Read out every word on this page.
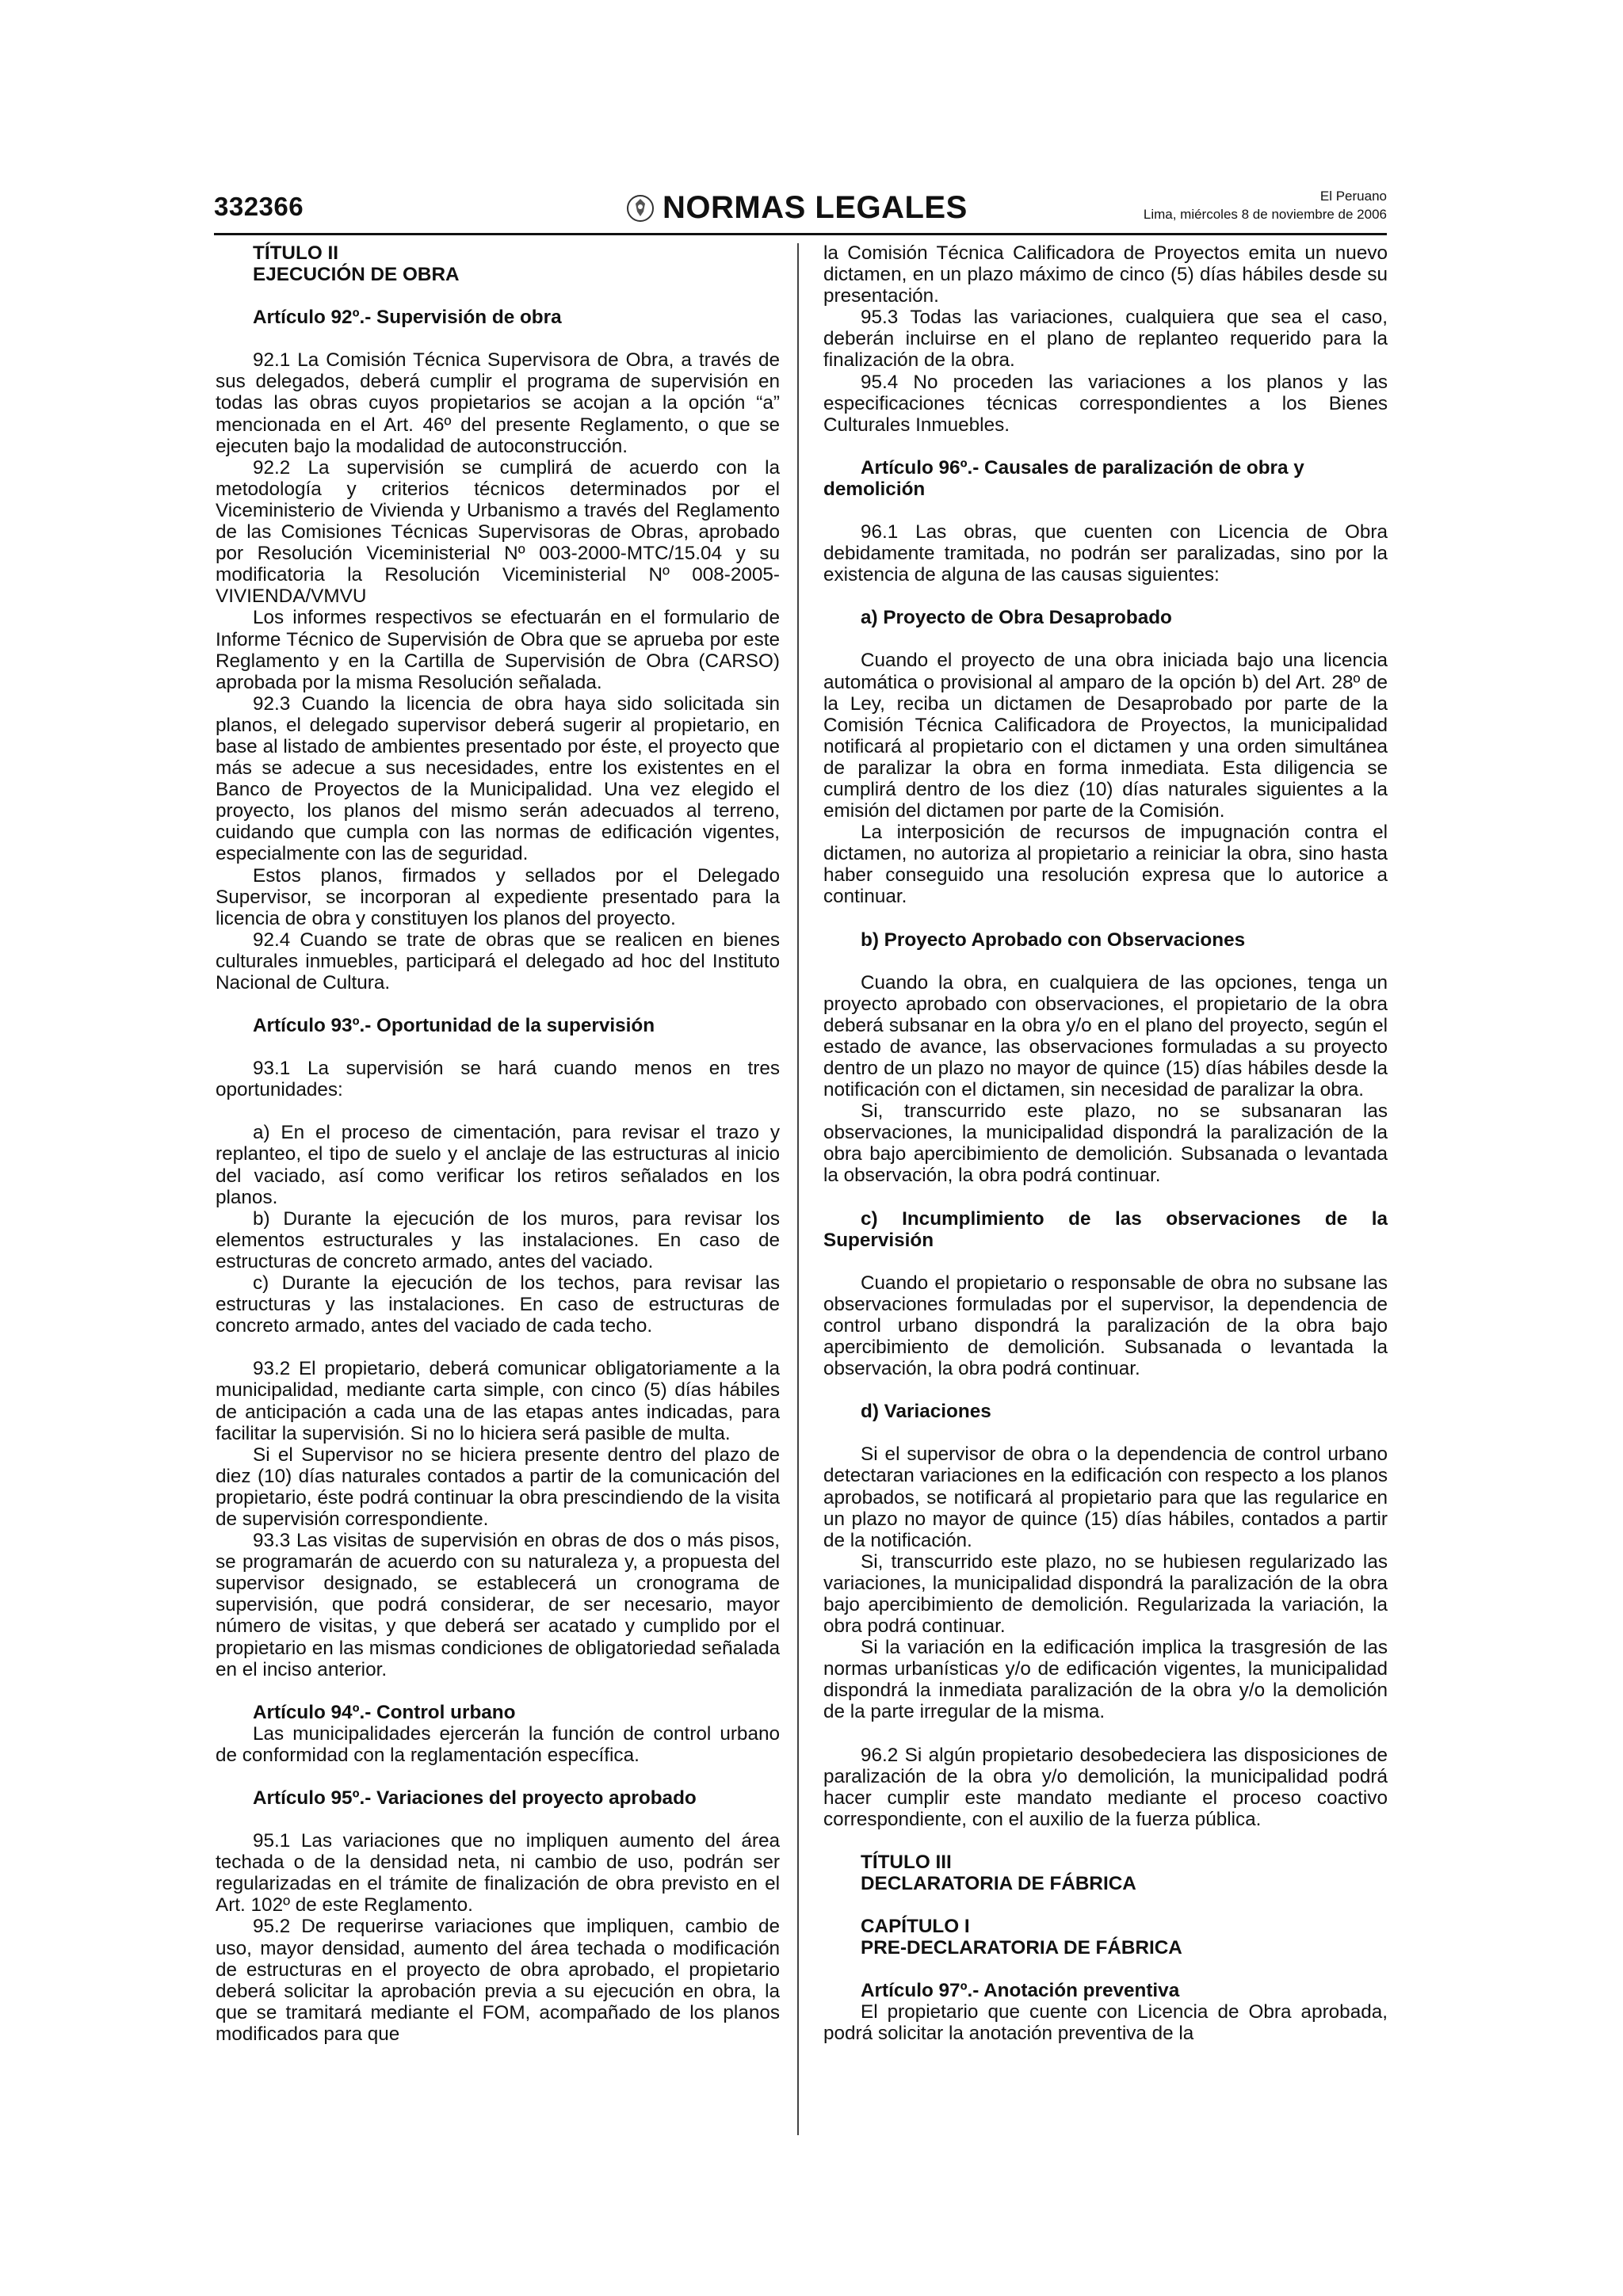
332366	NORMAS LEGALES	El Peruano
Lima, miércoles 8 de noviembre de 2006

TÍTULO II

EJECUCIÓN DE OBRA

Artículo 92º.- Supervisión de obra

92.1 La Comisión Técnica Supervisora de Obra, a través de sus delegados, deberá cumplir el programa de supervisión en todas las obras cuyos propietarios se acojan a la opción “a” mencionada en el Art. 46º del presente Reglamento, o que se ejecuten bajo la modalidad de autoconstrucción.

92.2 La supervisión se cumplirá de acuerdo con la metodología y criterios técnicos determinados por el Viceministerio de Vivienda y Urbanismo a través del Reglamento de las Comisiones Técnicas Supervisoras de Obras, aprobado por Resolución Viceministerial Nº 003-2000-MTC/15.04 y su modificatoria la Resolución Viceministerial Nº 008-2005-VIVIENDA/VMVU

Los informes respectivos se efectuarán en el formulario de Informe Técnico de Supervisión de Obra que se aprueba por este Reglamento y en la Cartilla de Supervisión de Obra (CARSO) aprobada por la misma Resolución señalada.

92.3 Cuando la licencia de obra haya sido solicitada sin planos, el delegado supervisor deberá sugerir al propietario, en base al listado de ambientes presentado por éste, el proyecto que más se adecue a sus necesidades, entre los existentes en el Banco de Proyectos de la Municipalidad. Una vez elegido el proyecto, los planos del mismo serán adecuados al terreno, cuidando que cumpla con las normas de edificación vigentes, especialmente con las de seguridad.

Estos planos, firmados y sellados por el Delegado Supervisor, se incorporan al expediente presentado para la licencia de obra y constituyen los planos del proyecto.

92.4 Cuando se trate de obras que se realicen en bienes culturales inmuebles, participará el delegado ad hoc del Instituto Nacional de Cultura.

Artículo 93º.- Oportunidad de la supervisión

93.1 La supervisión se hará cuando menos en tres oportunidades:

a) En el proceso de cimentación, para revisar el trazo y replanteo, el tipo de suelo y el anclaje de las estructuras al inicio del vaciado, así como verificar los retiros señalados en los planos.

b) Durante la ejecución de los muros, para revisar los elementos estructurales y las instalaciones. En caso de estructuras de concreto armado, antes del vaciado.

c) Durante la ejecución de los techos, para revisar las estructuras y las instalaciones. En caso de estructuras de concreto armado, antes del vaciado de cada techo.

93.2 El propietario, deberá comunicar obligatoriamente a la municipalidad, mediante carta simple, con cinco (5) días hábiles de anticipación a cada una de las etapas antes indicadas, para facilitar la supervisión. Si no lo hiciera será pasible de multa.

Si el Supervisor no se hiciera presente dentro del plazo de diez (10) días naturales contados a partir de la comunicación del propietario, éste podrá continuar la obra prescindiendo de la visita de supervisión correspondiente.

93.3 Las visitas de supervisión en obras de dos o más pisos, se programarán de acuerdo con su naturaleza y, a propuesta del supervisor designado, se establecerá un cronograma de supervisión, que podrá considerar, de ser necesario, mayor número de visitas, y que deberá ser acatado y cumplido por el propietario en las mismas condiciones de obligatoriedad señalada en el inciso anterior.

Artículo 94º.- Control urbano

Las municipalidades ejercerán la función de control urbano de conformidad con la reglamentación específica.

Artículo 95º.- Variaciones del proyecto aprobado

95.1 Las variaciones que no impliquen aumento del área techada o de la densidad neta, ni cambio de uso, podrán ser regularizadas en el trámite de finalización de obra previsto en el Art. 102º de este Reglamento.

95.2 De requerirse variaciones que impliquen, cambio de uso, mayor densidad, aumento del área techada o modificación de estructuras en el proyecto de obra aprobado, el propietario deberá solicitar la aprobación previa a su ejecución en obra, la que se tramitará mediante el FOM, acompañado de los planos modificados para que

la Comisión Técnica Calificadora de Proyectos emita un nuevo dictamen, en un plazo máximo de cinco (5) días hábiles desde su presentación.

95.3 Todas las variaciones, cualquiera que sea el caso, deberán incluirse en el plano de replanteo requerido para la finalización de la obra.

95.4 No proceden las variaciones a los planos y las especificaciones técnicas correspondientes a los Bienes Culturales Inmuebles.

Artículo 96º.- Causales de paralización de obra y demolición

96.1 Las obras, que cuenten con Licencia de Obra debidamente tramitada, no podrán ser paralizadas, sino por la existencia de alguna de las causas siguientes:

a) Proyecto de Obra Desaprobado

Cuando el proyecto de una obra iniciada bajo una licencia automática o provisional al amparo de la opción b) del Art. 28º de la Ley, reciba un dictamen de Desaprobado por parte de la Comisión Técnica Calificadora de Proyectos, la municipalidad notificará al propietario con el dictamen y una orden simultánea de paralizar la obra en forma inmediata. Esta diligencia se cumplirá dentro de los diez (10) días naturales siguientes a la emisión del dictamen por parte de la Comisión.

La interposición de recursos de impugnación contra el dictamen, no autoriza al propietario a reiniciar la obra, sino hasta haber conseguido una resolución expresa que lo autorice a continuar.

b) Proyecto Aprobado con Observaciones

Cuando la obra, en cualquiera de las opciones, tenga un proyecto aprobado con observaciones, el propietario de la obra deberá subsanar en la obra y/o en el plano del proyecto, según el estado de avance, las observaciones formuladas a su proyecto dentro de un plazo no mayor de quince (15) días hábiles desde la notificación con el dictamen, sin necesidad de paralizar la obra.

Si, transcurrido este plazo, no se subsanaran las observaciones, la municipalidad dispondrá la paralización de la obra bajo apercibimiento de demolición. Subsanada o levantada la observación, la obra podrá continuar.

c) Incumplimiento de las observaciones de la Supervisión

Cuando el propietario o responsable de obra no subsane las observaciones formuladas por el supervisor, la dependencia de control urbano dispondrá la paralización de la obra bajo apercibimiento de demolición. Subsanada o levantada la observación, la obra podrá continuar.

d) Variaciones

Si el supervisor de obra o la dependencia de control urbano detectaran variaciones en la edificación con respecto a los planos aprobados, se notificará al propietario para que las regularice en un plazo no mayor de quince (15) días hábiles, contados a partir de la notificación.

Si, transcurrido este plazo, no se hubiesen regularizado las variaciones, la municipalidad dispondrá la paralización de la obra bajo apercibimiento de demolición. Regularizada la variación, la obra podrá continuar.

Si la variación en la edificación implica la trasgresión de las normas urbanísticas y/o de edificación vigentes, la municipalidad dispondrá la inmediata paralización de la obra y/o la demolición de la parte irregular de la misma.

96.2 Si algún propietario desobedeciera las disposiciones de paralización de la obra y/o demolición, la municipalidad podrá hacer cumplir este mandato mediante el proceso coactivo correspondiente, con el auxilio de la fuerza pública.

TÍTULO III

DECLARATORIA DE FÁBRICA

CAPÍTULO I

PRE-DECLARATORIA DE FÁBRICA

Artículo 97º.- Anotación preventiva

El propietario que cuente con Licencia de Obra aprobada, podrá solicitar la anotación preventiva de la
